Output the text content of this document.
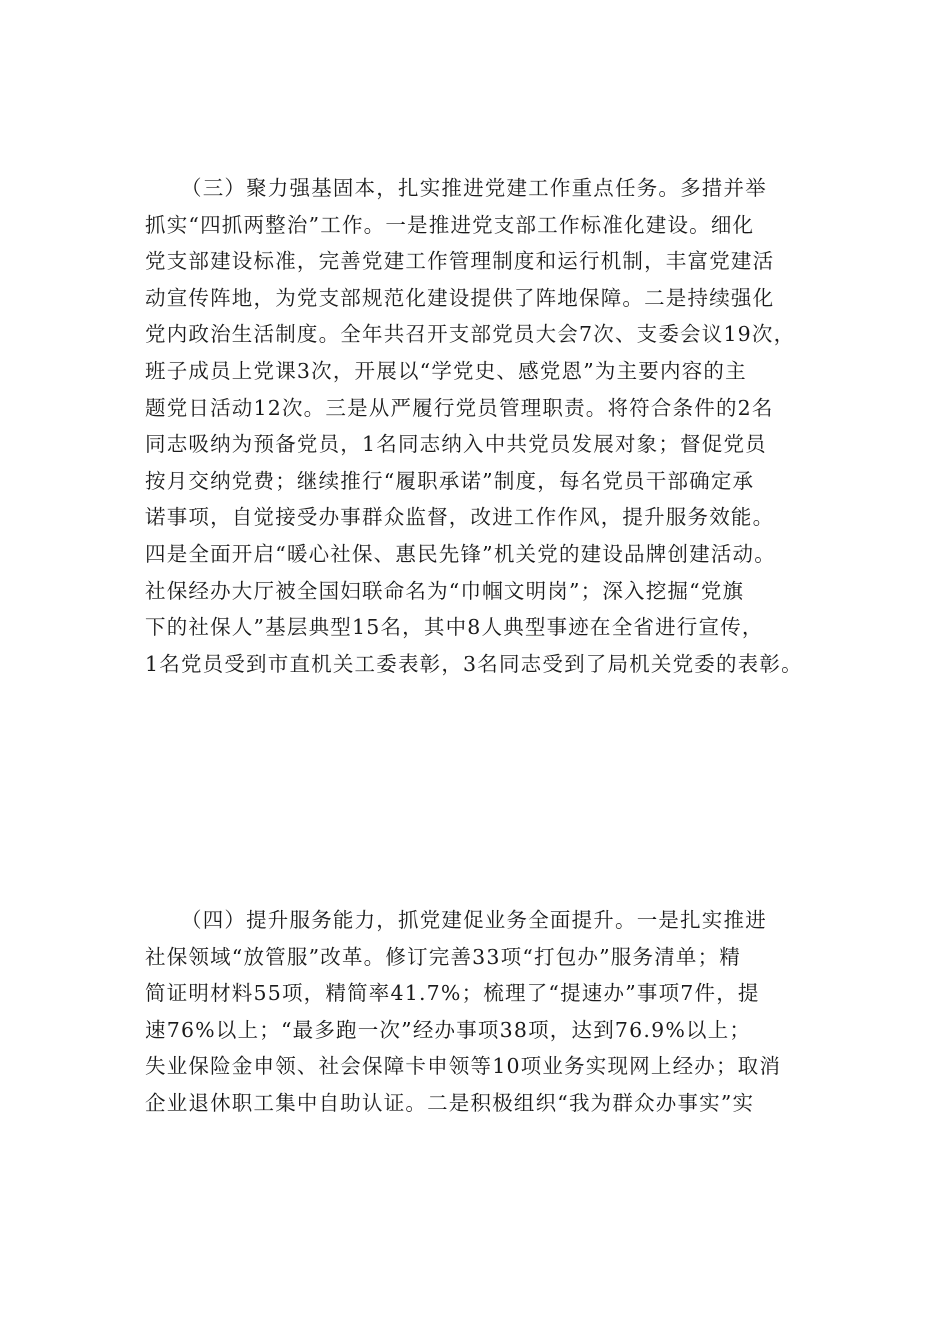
（三）聚力强基固本，扎实推进党建工作重点任务。多措并举
抓实“四抓两整治”工作。一是推进党支部工作标准化建设。细化
党支部建设标准，完善党建工作管理制度和运行机制，丰富党建活
动宣传阵地，为党支部规范化建设提供了阵地保障。二是持续强化
党内政治生活制度。全年共召开支部党员大会7次、支委会议19次，
班子成员上党课3次，开展以“学党史、感党恩”为主要内容的主
题党日活动12次。三是从严履行党员管理职责。将符合条件的2名
同志吸纳为预备党员，1名同志纳入中共党员发展对象；督促党员
按月交纳党费；继续推行“履职承诺”制度，每名党员干部确定承
诺事项，自觉接受办事群众监督，改进工作作风，提升服务效能。
四是全面开启“暖心社保、惠民先锋”机关党的建设品牌创建活动。
社保经办大厅被全国妇联命名为“巾帼文明岗”；深入挖掘“党旗
下的社保人”基层典型15名，其中8人典型事迹在全省进行宣传，
1名党员受到市直机关工委表彰，3名同志受到了局机关党委的表彰。
（四）提升服务能力，抓党建促业务全面提升。一是扎实推进
社保领域“放管服”改革。修订完善33项“打包办”服务清单；精
简证明材料55项，精简率41.7%；梳理了“提速办”事项7件，提
速76%以上；“最多跑一次”经办事项38项，达到76.9%以上；
失业保险金申领、社会保障卡申领等10项业务实现网上经办；取消
企业退休职工集中自助认证。二是积极组织“我为群众办事实”实
